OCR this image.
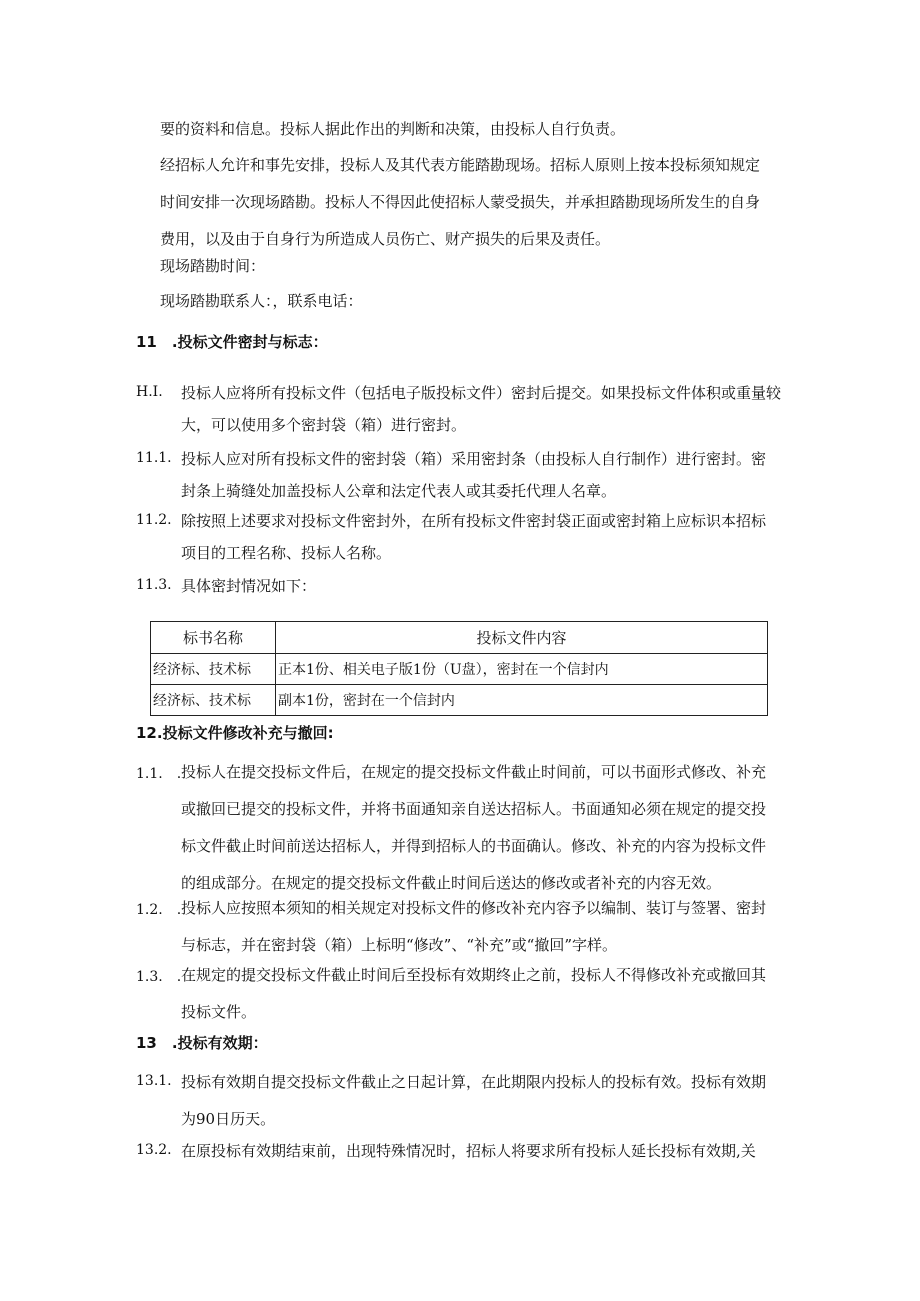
要的资料和信息。投标人据此作出的判断和决策，由投标人自行负责。
经招标人允许和事先安排，投标人及其代表方能踏勘现场。招标人原则上按本投标须知规定
时间安排一次现场踏勘。投标人不得因此使招标人蒙受损失，并承担踏勘现场所发生的自身
费用，以及由于自身行为所造成人员伤亡、财产损失的后果及责任。
现场踏勘时间：
现场踏勘联系人：，联系电话：
11　.投标文件密封与标志：
H.I. 投标人应将所有投标文件（包括电子版投标文件）密封后提交。如果投标文件体积或重量较
大，可以使用多个密封袋（箱）进行密封。
11.1. 投标人应对所有投标文件的密封袋（箱）采用密封条（由投标人自行制作）进行密封。密
封条上骑缝处加盖投标人公章和法定代表人或其委托代理人名章。
11.2. 除按照上述要求对投标文件密封外，在所有投标文件密封袋正面或密封箱上应标识本招标
项目的工程名称、投标人名称。
11.3. 具体密封情况如下：
标书名称	投标文件内容
经济标、技术标	正本1份、相关电子版1份（U盘），密封在一个信封内
经济标、技术标	副本1份，密封在一个信封内
12.投标文件修改补充与撤回:
1.1.　. 投标人在提交投标文件后，在规定的提交投标文件截止时间前，可以书面形式修改、补充
或撤回已提交的投标文件，并将书面通知亲自送达招标人。书面通知必须在规定的提交投
标文件截止时间前送达招标人，并得到招标人的书面确认。修改、补充的内容为投标文件
的组成部分。在规定的提交投标文件截止时间后送达的修改或者补充的内容无效。
1.2.　. 投标人应按照本须知的相关规定对投标文件的修改补充内容予以编制、装订与签署、密封
与标志，并在密封袋（箱）上标明“修改”、“补充”或“撤回”字样。
1.3.　. 在规定的提交投标文件截止时间后至投标有效期终止之前，投标人不得修改补充或撤回其
投标文件。
13　.投标有效期：
13.1. 投标有效期自提交投标文件截止之日起计算，在此期限内投标人的投标有效。投标有效期
为90日历天。
13.2. 在原投标有效期结束前，出现特殊情况时，招标人将要求所有投标人延长投标有效期,关
